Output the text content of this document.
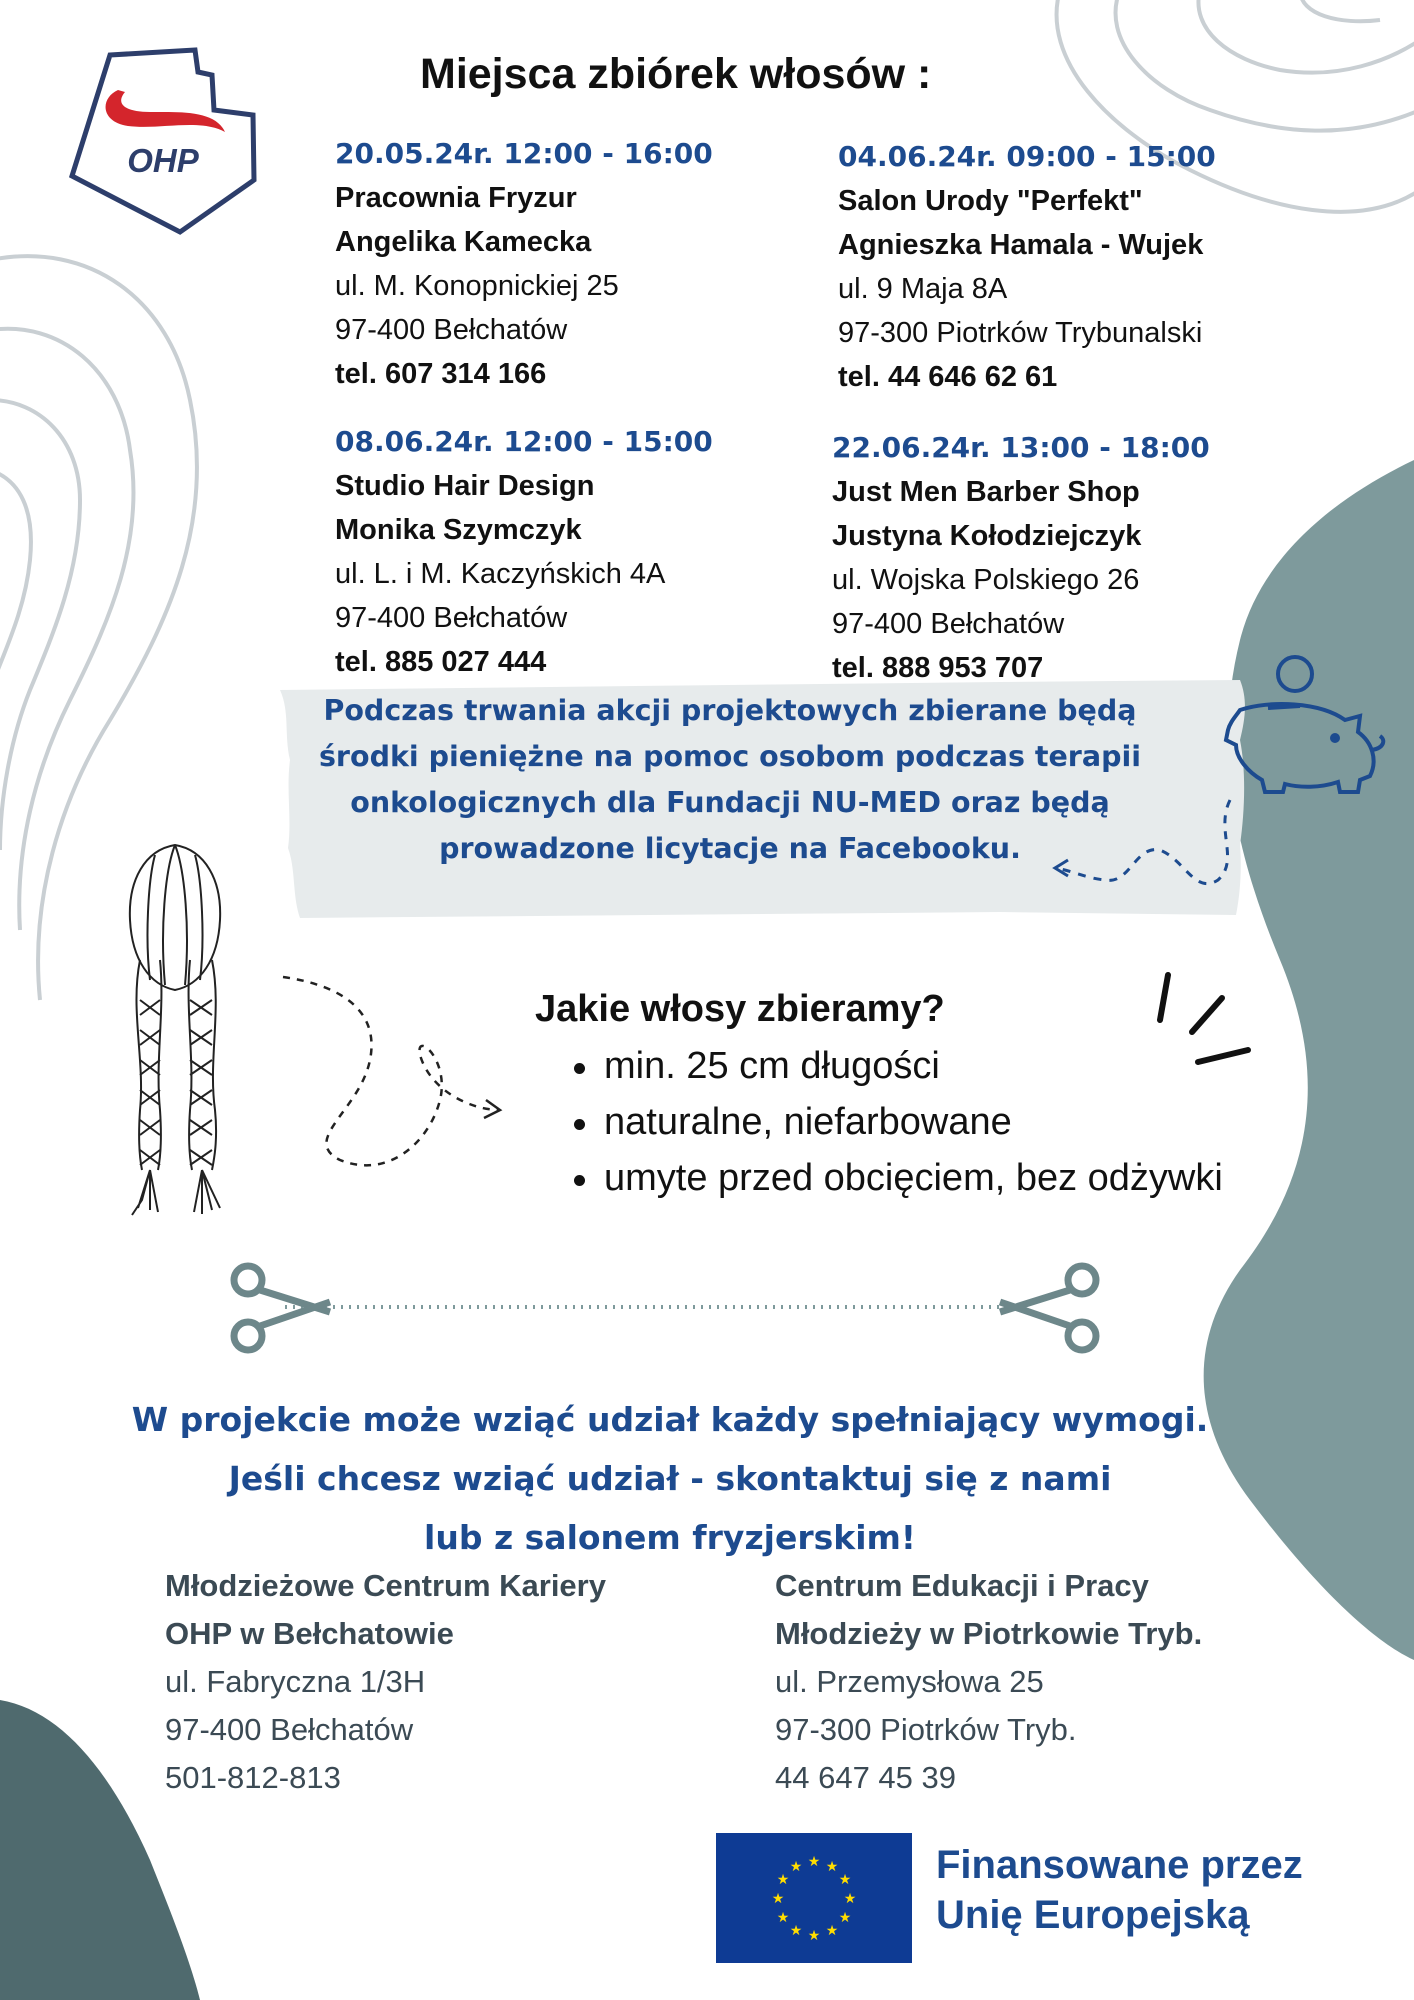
OHP
Miejsca zbiórek włosów :
20.05.24r. 12:00 - 16:00
Pracownia Fryzur
Angelika Kamecka
ul. M. Konopnickiej 25
97-400 Bełchatów
tel. 607 314 166
04.06.24r. 09:00 - 15:00
Salon Urody "Perfekt"
Agnieszka Hamala - Wujek
ul. 9 Maja 8A
97-300 Piotrków Trybunalski
tel. 44 646 62 61
08.06.24r. 12:00 - 15:00
Studio Hair Design
Monika Szymczyk
ul. L. i M. Kaczyńskich 4A
97-400 Bełchatów
tel. 885 027 444
22.06.24r. 13:00 - 18:00
Just Men Barber Shop
Justyna Kołodziejczyk
ul. Wojska Polskiego 26
97-400 Bełchatów
tel. 888 953 707
Podczas trwania akcji projektowych zbierane będą
środki pieniężne na pomoc osobom podczas terapii
onkologicznych dla Fundacji NU-MED oraz będą
prowadzone licytacje na Facebooku.
Jakie włosy zbieramy?
min. 25 cm długości
naturalne, niefarbowane
umyte przed obcięciem, bez odżywki
W projekcie może wziąć udział każdy spełniający wymogi.
Jeśli chcesz wziąć udział - skontaktuj się z nami
lub z salonem fryzjerskim!
Młodzieżowe Centrum Kariery
OHP w Bełchatowie
ul. Fabryczna 1/3H
97-400 Bełchatów
501-812-813
Centrum Edukacji i Pracy
Młodzieży w Piotrkowie Tryb.
ul. Przemysłowa 25
97-300 Piotrków Tryb.
44 647 45 39
★ ★
★
★
★
★
★
★
★
★
★
★	Finansowane przez
Unię Europejską
